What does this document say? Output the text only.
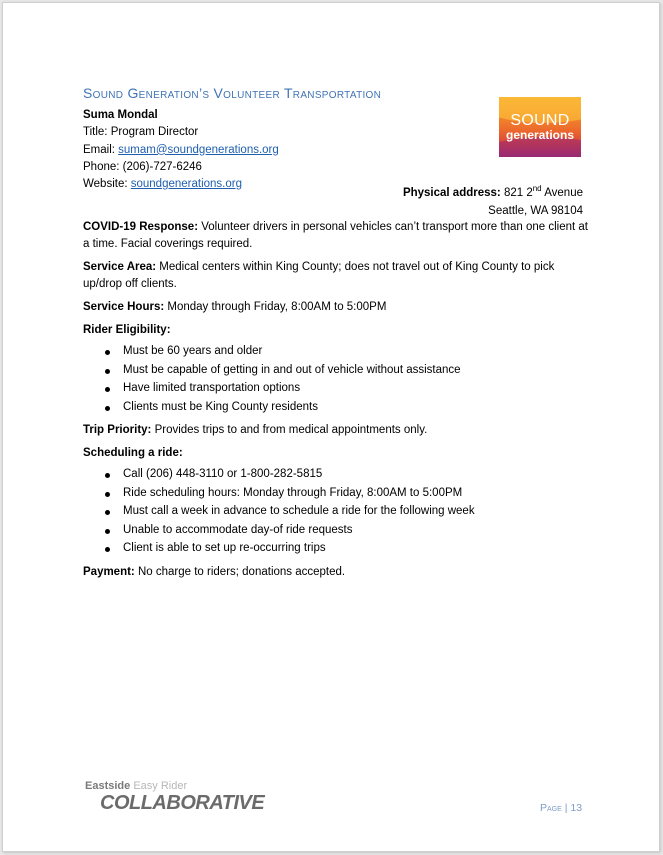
Sound Generation’s Volunteer Transportation
Suma Mondal
Title: Program Director
Email: sumam@soundgenerations.org
Phone: (206)-727-6246
Website: soundgenerations.org
SOUND
generations
Physical address: 821 2nd Avenue
Seattle, WA 98104

COVID-19 Response: Volunteer drivers in personal vehicles can’t transport more than one client at a time. Facial coverings required.

Service Area: Medical centers within King County; does not travel out of King County to pick up/drop off clients.

Service Hours: Monday through Friday, 8:00AM to 5:00PM

Rider Eligibility:

Must be 60 years and older
Must be capable of getting in and out of vehicle without assistance
Have limited transportation options
Clients must be King County residents

Trip Priority: Provides trips to and from medical appointments only.

Scheduling a ride:

Call (206) 448-3110 or 1-800-282-5815
Ride scheduling hours: Monday through Friday, 8:00AM to 5:00PM
Must call a week in advance to schedule a ride for the following week
Unable to accommodate day-of ride requests
Client is able to set up re-occurring trips

Payment: No charge to riders; donations accepted.

Eastside Easy Rider
COLLABORATIVE	Page | 13
